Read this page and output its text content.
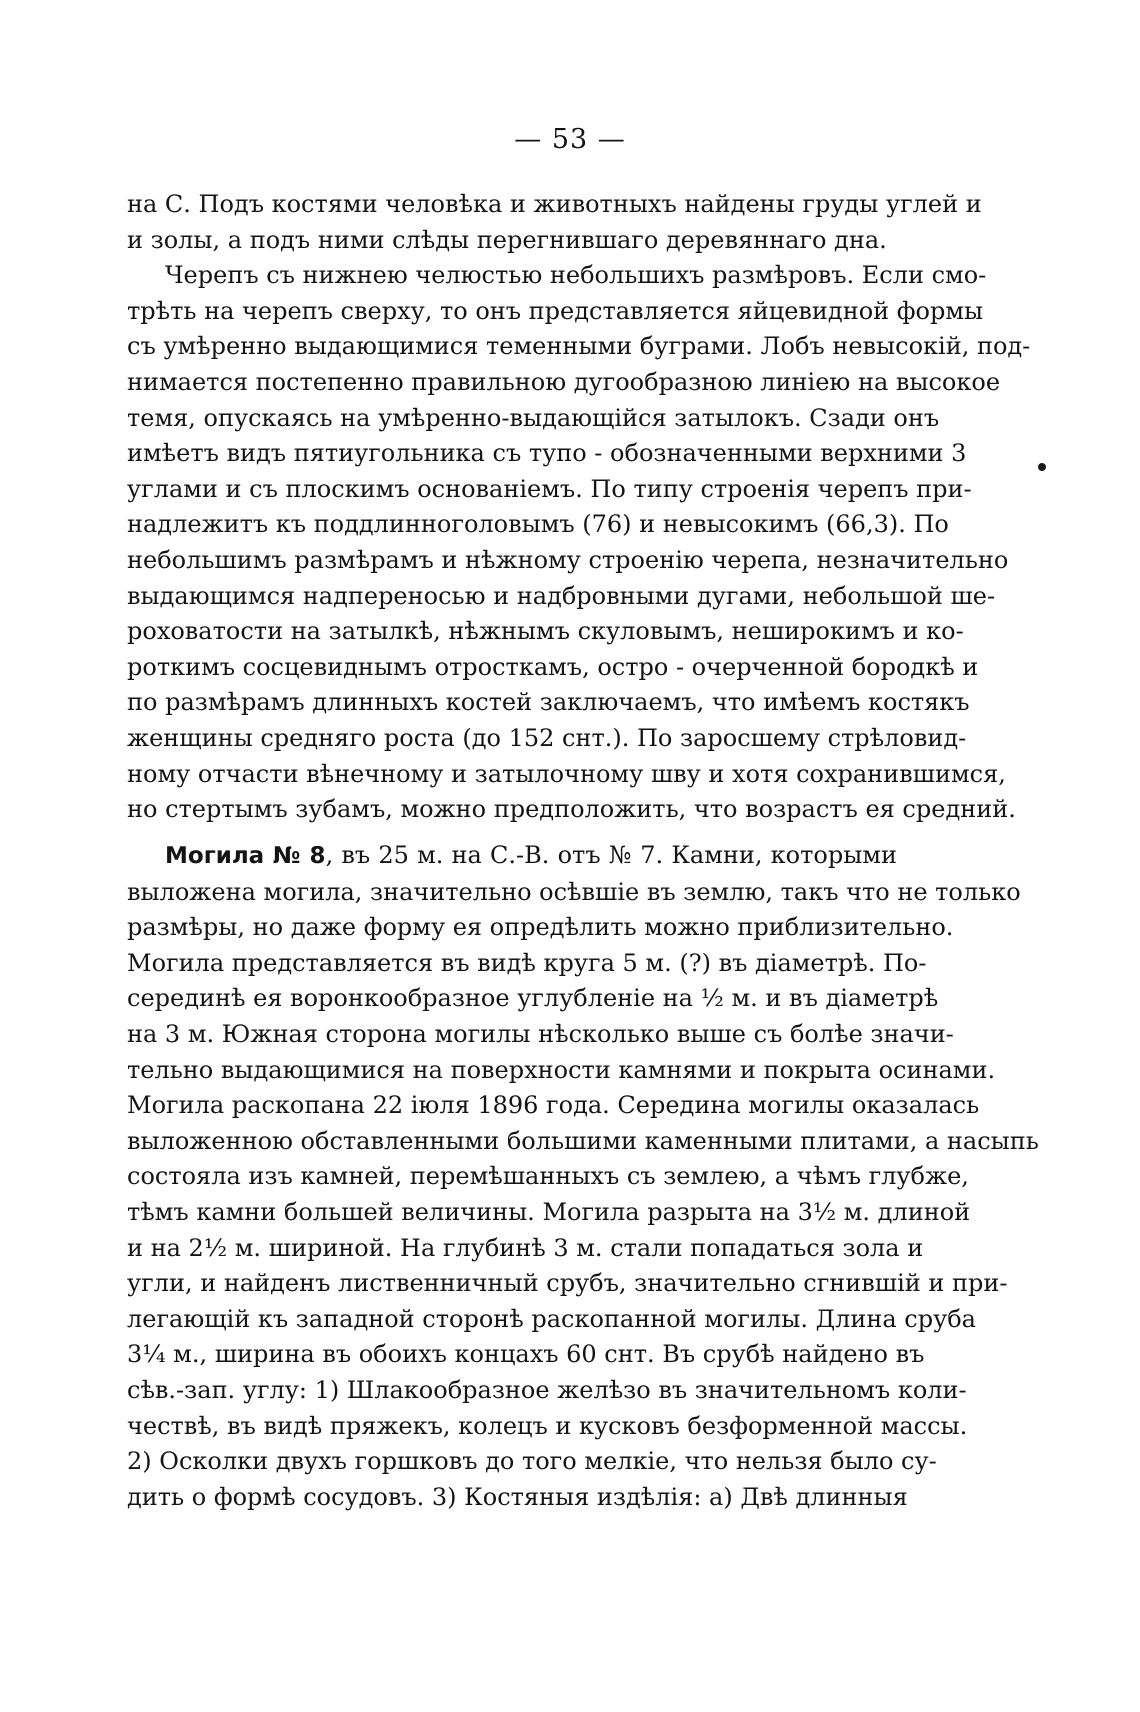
— 53 —
на С. Подъ костями человѣка и животныхъ найдены груды углей и
и золы, а подъ ними слѣды перегнившаго деревяннаго дна.
Черепъ съ нижнею челюстью небольшихъ размѣровъ. Если смо-
трѣть на черепъ сверху, то онъ представляется яйцевидной формы
съ умѣренно выдающимися теменными буграми. Лобъ невысокiй, под-
нимается постепенно правильною дугообразною линiею на высокое
темя, опускаясь на умѣренно-выдающiйся затылокъ. Сзади онъ
имѣетъ видъ пятиугольника съ тупо - обозначенными верхними 3
углами и съ плоскимъ основанiемъ. По типу строенiя черепъ при-
надлежитъ къ поддлинноголовымъ (76) и невысокимъ (66,3). По
небольшимъ размѣрамъ и нѣжному строенiю черепа, незначительно
выдающимся надпереносью и надбровными дугами, небольшой ше-
роховатости на затылкѣ, нѣжнымъ скуловымъ, неширокимъ и ко-
роткимъ сосцевиднымъ отросткамъ, остро - очерченной бородкѣ и
по размѣрамъ длинныхъ костей заключаемъ, что имѣемъ костякъ
женщины средняго роста (до 152 снт.). По заросшему стрѣловид-
ному отчасти вѣнечному и затылочному шву и хотя сохранившимся,
но стертымъ зубамъ, можно предположить, что возрастъ ея средний.
Могила № 8, въ 25 м. на С.-В. отъ № 7. Камни, которыми
выложена могила, значительно осѣвшiе въ землю, такъ что не только
размѣры, но даже форму ея опредѣлить можно приблизительно.
Могила представляется въ видѣ круга 5 м. (?) въ дiаметрѣ. По-
серединѣ ея воронкообразное углубленiе на ½ м. и въ дiаметрѣ
на 3 м. Южная сторона могилы нѣсколько выше съ болѣе значи-
тельно выдающимися на поверхности камнями и покрыта осинами.
Могила раскопана 22 iюля 1896 года. Середина могилы оказалась
выложенною обставленными большими каменными плитами, а насыпь
состояла изъ камней, перемѣшанныхъ съ землею, а чѣмъ глубже,
тѣмъ камни большей величины. Могила разрыта на 3½ м. длиной
и на 2½ м. шириной. На глубинѣ 3 м. стали попадаться зола и
угли, и найденъ лиственничный срубъ, значительно сгнившiй и при-
легающiй къ западной сторонѣ раскопанной могилы. Длина сруба
3¼ м., ширина въ обоихъ концахъ 60 снт. Въ срубѣ найдено въ
сѣв.-зап. углу: 1) Шлакообразное желѣзо въ значительномъ коли-
чествѣ, въ видѣ пряжекъ, колецъ и кусковъ безформенной массы.
2) Осколки двухъ горшковъ до того мелкiе, что нельзя было су-
дить о формѣ сосудовъ. 3) Костяныя издѣлiя: а) Двѣ длинныя
